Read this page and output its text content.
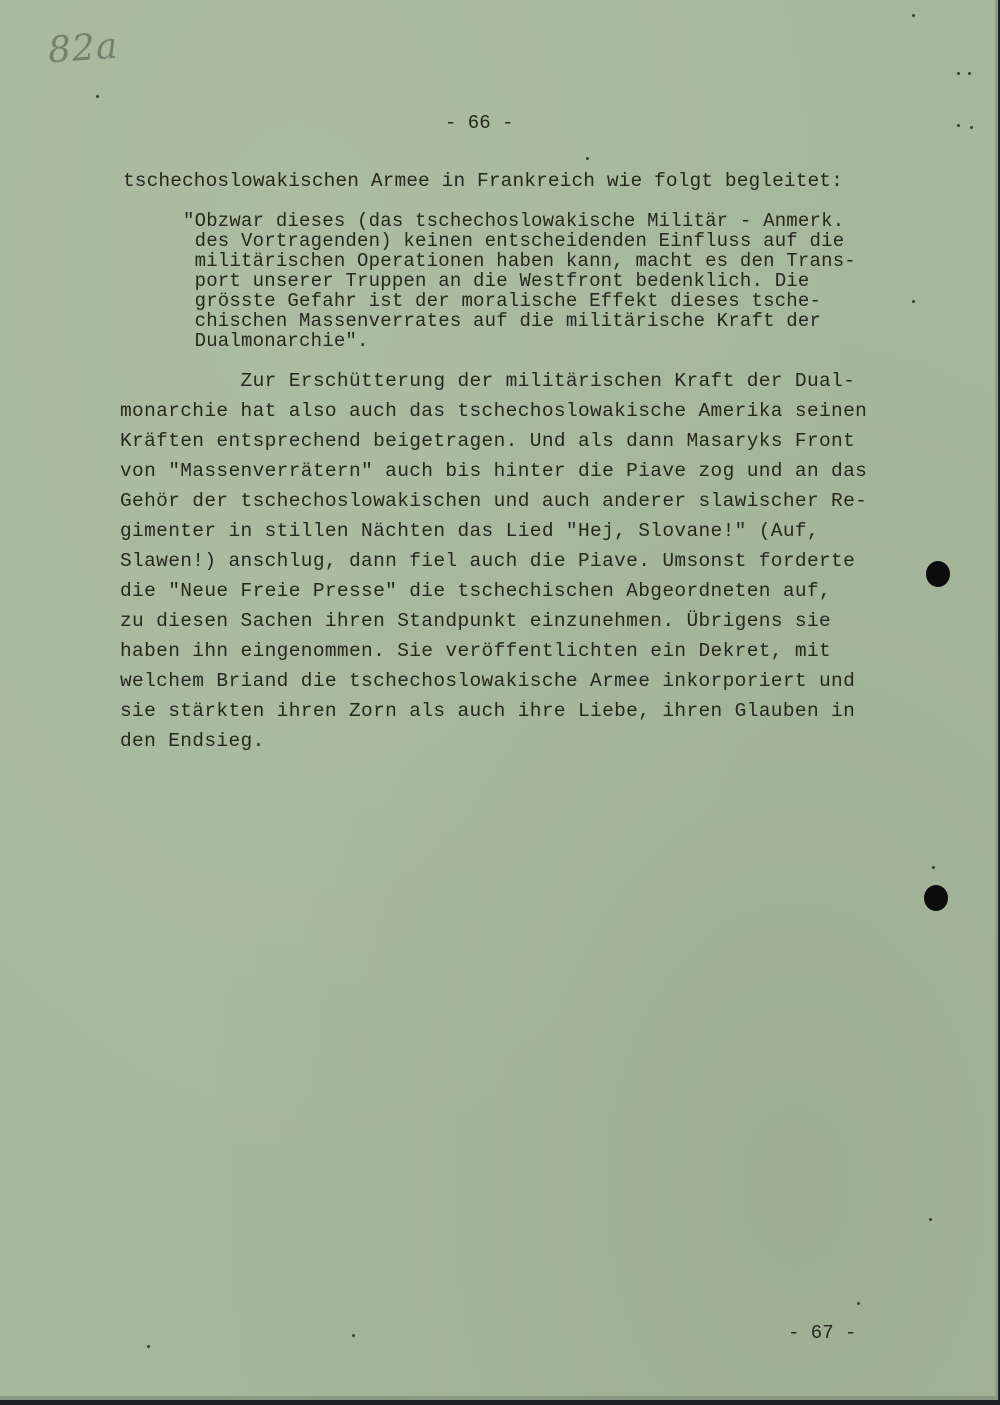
82a
- 66 -
tschechoslowakischen Armee in Frankreich wie folgt begleitet:
"Obzwar dieses (das tschechoslowakische Militär - Anmerk.
des Vortragenden) keinen entscheidenden Einfluss auf die
militärischen Operationen haben kann, macht es den Trans-
port unserer Truppen an die Westfront bedenklich. Die
grösste Gefahr ist der moralische Effekt dieses tsche-
chischen Massenverrates auf die militärische Kraft der
Dualmonarchie".
Zur Erschütterung der militärischen Kraft der Dual-
monarchie hat also auch das tschechoslowakische Amerika seinen
Kräften entsprechend beigetragen. Und als dann Masaryks Front
von "Massenverrätern" auch bis hinter die Piave zog und an das
Gehör der tschechoslowakischen und auch anderer slawischer Re-
gimenter in stillen Nächten das Lied "Hej, Slovane!" (Auf,
Slawen!) anschlug, dann fiel auch die Piave. Umsonst forderte
die "Neue Freie Presse" die tschechischen Abgeordneten auf,
zu diesen Sachen ihren Standpunkt einzunehmen. Übrigens sie
haben ihn eingenommen. Sie veröffentlichten ein Dekret, mit
welchem Briand die tschechoslowakische Armee inkorporiert und
sie stärkten ihren Zorn als auch ihre Liebe, ihren Glauben in
den Endsieg.
- 67 -
